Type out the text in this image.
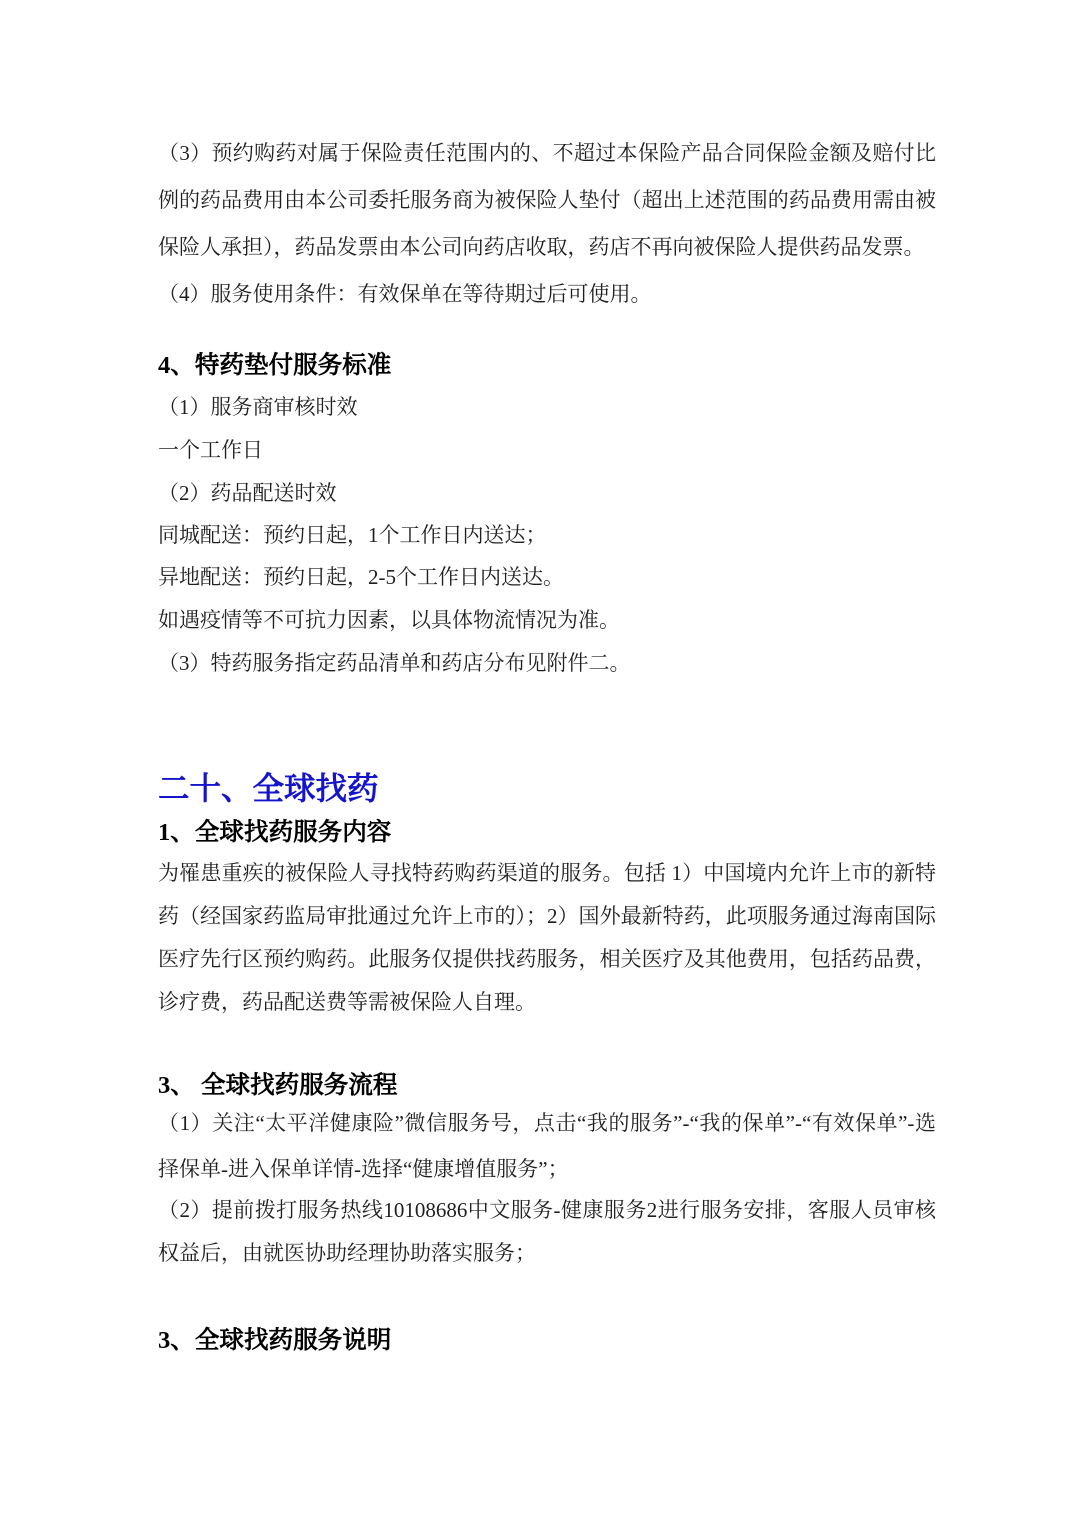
（3）预约购药对属于保险责任范围内的、不超过本保险产品合同保险金额及赔付比例的药品费用由本公司委托服务商为被保险人垫付（超出上述范围的药品费用需由被保险人承担），药品发票由本公司向药店收取，药店不再向被保险人提供药品发票。

（4）服务使用条件：有效保单在等待期过后可使用。

4、特药垫付服务标准

（1）服务商审核时效

一个工作日

（2）药品配送时效

同城配送：预约日起，1个工作日内送达；

异地配送：预约日起，2-5个工作日内送达。

如遇疫情等不可抗力因素，以具体物流情况为准。

（3）特药服务指定药品清单和药店分布见附件二。

二十、全球找药
1、全球找药服务内容

为罹患重疾的被保险人寻找特药购药渠道的服务。包括 1）中国境内允许上市的新特药（经国家药监局审批通过允许上市的）；2）国外最新特药，此项服务通过海南国际医疗先行区预约购药。此服务仅提供找药服务，相关医疗及其他费用，包括药品费，诊疗费，药品配送费等需被保险人自理。

3、 全球找药服务流程

（1）关注“太平洋健康险”微信服务号，点击“我的服务”-“我的保单”-“有效保单”-选择保单-进入保单详情-选择“健康增值服务”；

（2）提前拨打服务热线10108686中文服务-健康服务2进行服务安排，客服人员审核权益后，由就医协助经理协助落实服务；

3、全球找药服务说明
